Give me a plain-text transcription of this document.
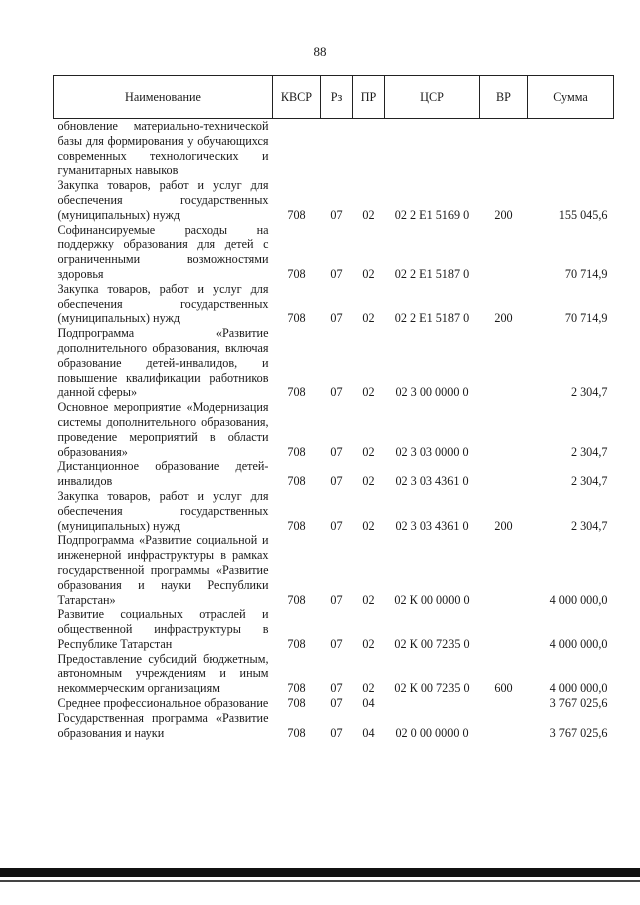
88
Наименование	КВСР	Рз	ПР	ЦСР	ВР	Сумма
обновление материально-технической базы для формирования у обучающихся современных технологических и гуманитарных навыков						
Закупка товаров, работ и услуг для обеспечения государственных (муниципальных) нужд	708	07	02	02 2 Е1 5169 0	200	155 045,6
Софинансируемые расходы на поддержку образования для детей с ограниченными возможностями здоровья	708	07	02	02 2 Е1 5187 0		70 714,9
Закупка товаров, работ и услуг для обеспечения государственных (муниципальных) нужд	708	07	02	02 2 Е1 5187 0	200	70 714,9
Подпрограмма «Развитие дополнительного образования, включая образование детей-инвалидов, и повышение квалификации работников данной сферы»	708	07	02	02 3 00 0000 0		2 304,7
Основное мероприятие «Модернизация системы дополнительного образования, проведение мероприятий в области образования»	708	07	02	02 3 03 0000 0		2 304,7
Дистанционное образование детей-инвалидов	708	07	02	02 3 03 4361 0		2 304,7
Закупка товаров, работ и услуг для обеспечения государственных (муниципальных) нужд	708	07	02	02 3 03 4361 0	200	2 304,7
Подпрограмма «Развитие социальной и инженерной инфраструктуры в рамках государственной программы «Развитие образования и науки Республики Татарстан»	708	07	02	02 К 00 0000 0		4 000 000,0
Развитие социальных отраслей и общественной инфраструктуры в Республике Татарстан	708	07	02	02 К 00 7235 0		4 000 000,0
Предоставление субсидий бюджетным, автономным учреждениям и иным некоммерческим организациям	708	07	02	02 К 00 7235 0	600	4 000 000,0
Среднее профессиональное образование	708	07	04			3 767 025,6
Государственная программа «Развитие образования и науки	708	07	04	02 0 00 0000 0		3 767 025,6
